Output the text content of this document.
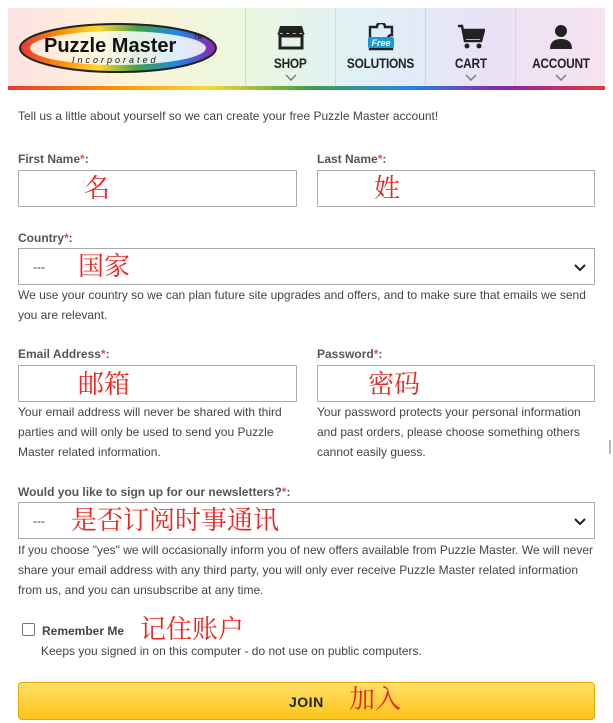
Puzzle Master	TM
Incorporated	SHOP
Free
SOLUTIONS	CART	ACCOUNT
Tell us a little about yourself so we can create your free Puzzle Master account!
First Name*:
名
Last Name*:
姓
Country*:
--- 国家
We use your country so we can plan future site upgrades and offers, and to make sure that emails we send you are relevant.
Email Address*:
邮箱
Your email address will never be shared with third parties and will only be used to send you Puzzle Master related information.
Password*:
密码
Your password protects your personal information and past orders, please choose something others cannot easily guess.
Would you like to sign up for our newsletters?*:
--- 是否订阅时事通讯
If you choose "yes" we will occasionally inform you of new offers available from Puzzle Master. We will never share your email address with any third party, you will only ever receive Puzzle Master related information from us, and you can unsubscribe at any time.
Remember Me 记住账户
Keeps you signed in on this computer - do not use on public computers.
JOIN 加入
